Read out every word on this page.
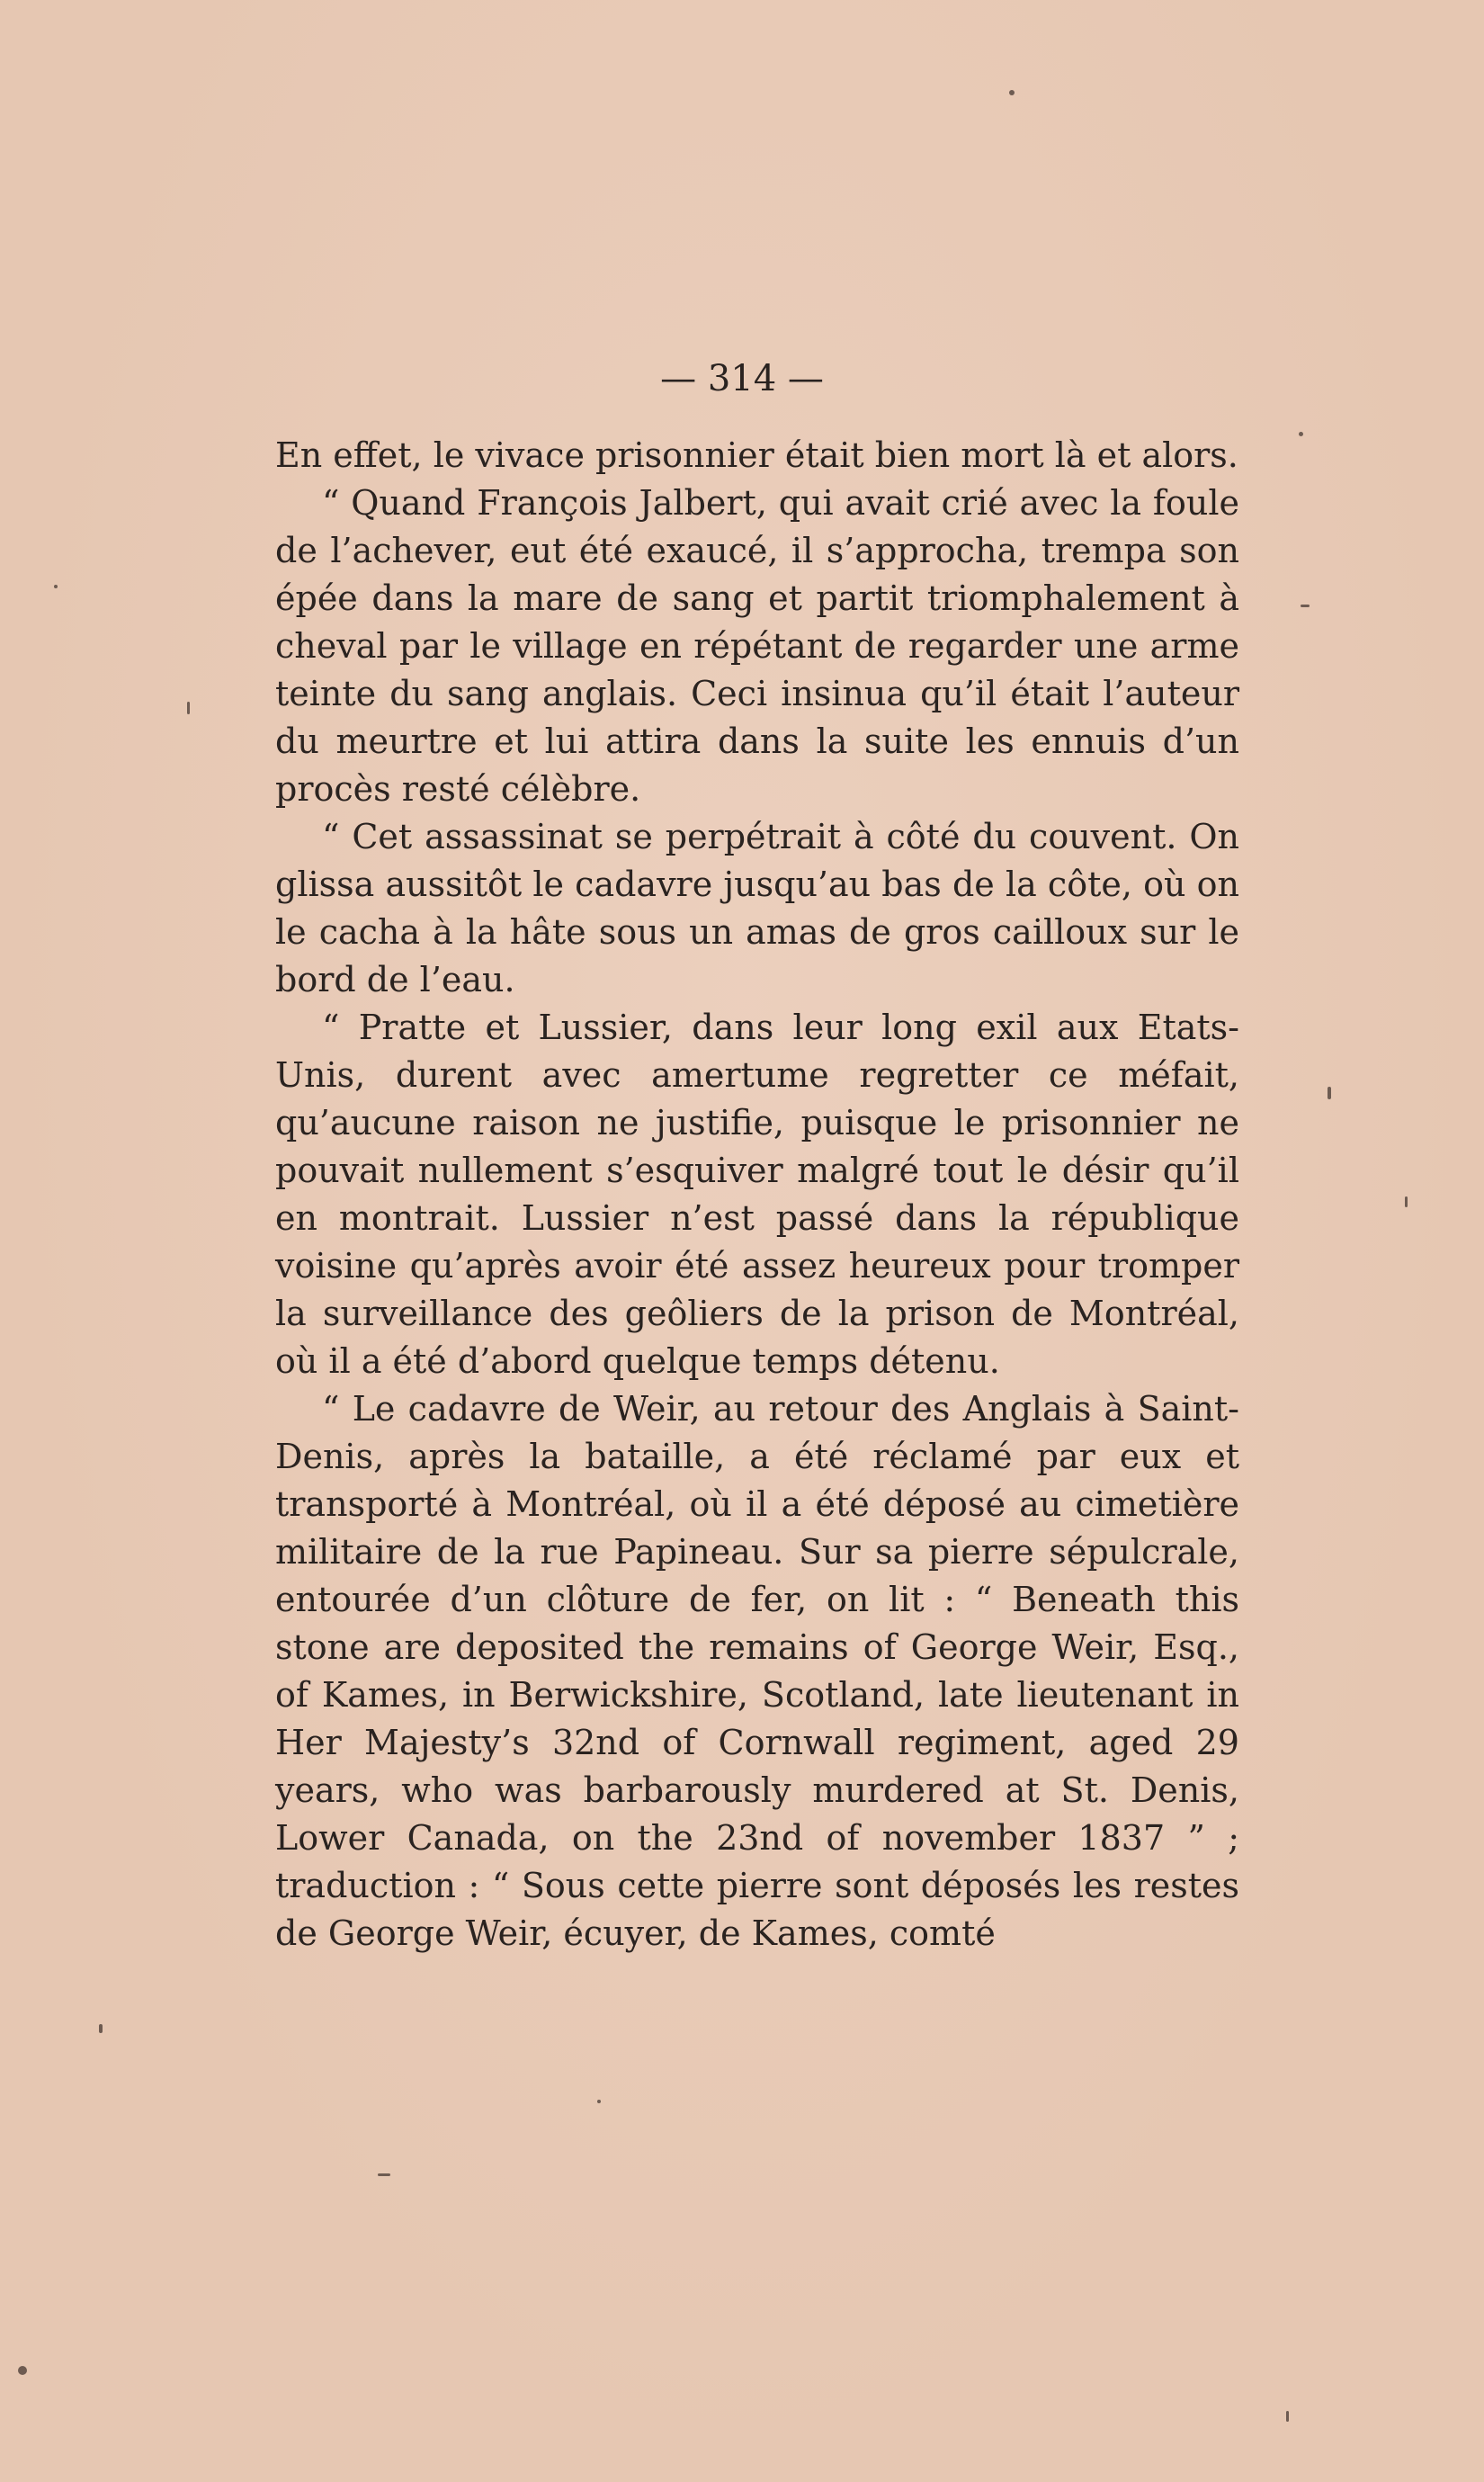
— 314 —

En effet, le vivace prisonnier était bien mort là et alors.

“ Quand François Jalbert, qui avait crié avec la foule de l’achever, eut été exaucé, il s’approcha, trempa son épée dans la mare de sang et partit triomphalement à cheval par le village en répétant de regarder une arme teinte du sang anglais. Ceci insinua qu’il était l’auteur du meurtre et lui attira dans la suite les ennuis d’un procès resté célèbre.

“ Cet assassinat se perpétrait à côté du couvent. On glissa aussitôt le cadavre jusqu’au bas de la côte, où on le cacha à la hâte sous un amas de gros cailloux sur le bord de l’eau.

“ Pratte et Lussier, dans leur long exil aux Etats-Unis, durent avec amertume regretter ce méfait, qu’aucune raison ne justifie, puisque le prisonnier ne pouvait nullement s’esquiver malgré tout le désir qu’il en montrait. Lussier n’est passé dans la république voisine qu’après avoir été assez heureux pour tromper la surveillance des geôliers de la prison de Montréal, où il a été d’abord quelque temps détenu.

“ Le cadavre de Weir, au retour des Anglais à Saint-Denis, après la bataille, a été réclamé par eux et transporté à Montréal, où il a été déposé au cimetière militaire de la rue Papineau. Sur sa pierre sépulcrale, entourée d’un clôture de fer, on lit : “ Beneath this stone are deposited the remains of George Weir, Esq., of Kames, in Berwickshire, Scotland, late lieutenant in Her Majesty’s 32nd of Cornwall regiment, aged 29 years, who was barbarously murdered at St. Denis, Lower Canada, on the 23nd of november 1837 ” ; traduction : “ Sous cette pierre sont déposés les restes de George Weir, écuyer, de Kames, comté
